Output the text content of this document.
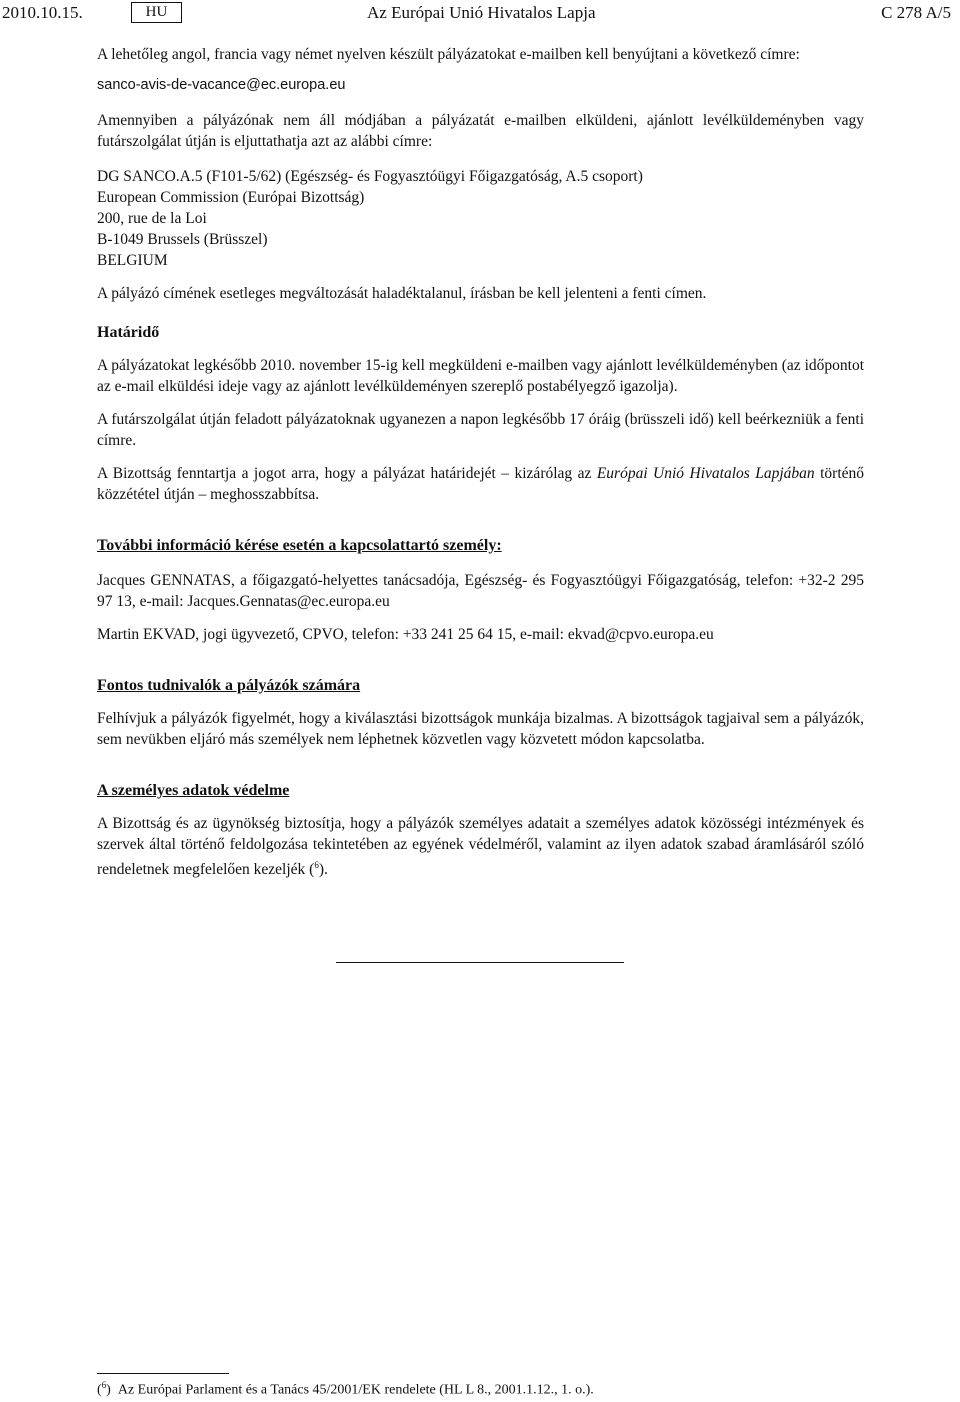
2010.10.15.	HU	Az Európai Unió Hivatalos Lapja	C 278 A/5

A lehetőleg angol, francia vagy német nyelven készült pályázatokat e-mailben kell benyújtani a következő címre:

sanco-avis-de-vacance@ec.europa.eu

Amennyiben a pályázónak nem áll módjában a pályázatát e-mailben elküldeni, ajánlott levélküldeményben vagy futárszolgálat útján is eljuttathatja azt az alábbi címre:

DG SANCO.A.5 (F101-5/62) (Egészség- és Fogyasztóügyi Főigazgatóság, A.5 csoport)

European Commission (Európai Bizottság)

200, rue de la Loi

B-1049 Brussels (Brüsszel)

BELGIUM

A pályázó címének esetleges megváltozását haladéktalanul, írásban be kell jelenteni a fenti címen.

Határidő

A pályázatokat legkésőbb 2010. november 15-ig kell megküldeni e-mailben vagy ajánlott levélküldeményben (az időpontot az e-mail elküldési ideje vagy az ajánlott levélküldeményen szereplő postabélyegző igazolja).

A futárszolgálat útján feladott pályázatoknak ugyanezen a napon legkésőbb 17 óráig (brüsszeli idő) kell beérkezniük a fenti címre.

A Bizottság fenntartja a jogot arra, hogy a pályázat határidejét – kizárólag az Európai Unió Hivatalos Lapjában történő közzététel útján – meghosszabbítsa.

További információ kérése esetén a kapcsolattartó személy:

Jacques GENNATAS, a főigazgató-helyettes tanácsadója, Egészség- és Fogyasztóügyi Főigazgatóság, telefon: +32-2 295 97 13, e-mail: Jacques.Gennatas@ec.europa.eu

Martin EKVAD, jogi ügyvezető, CPVO, telefon: +33 241 25 64 15, e-mail: ekvad@cpvo.europa.eu

Fontos tudnivalók a pályázók számára

Felhívjuk a pályázók figyelmét, hogy a kiválasztási bizottságok munkája bizalmas. A bizottságok tagjaival sem a pályázók, sem nevükben eljáró más személyek nem léphetnek közvetlen vagy közvetett módon kapcsolatba.

A személyes adatok védelme

A Bizottság és az ügynökség biztosítja, hogy a pályázók személyes adatait a személyes adatok közösségi intézmények és szervek által történő feldolgozása tekintetében az egyének védelméről, valamint az ilyen adatok szabad áramlásáról szóló rendeletnek megfelelően kezeljék ($^6$).

($^6$)  Az Európai Parlament és a Tanács 45/2001/EK rendelete (HL L 8., 2001.1.12., 1. o.).
